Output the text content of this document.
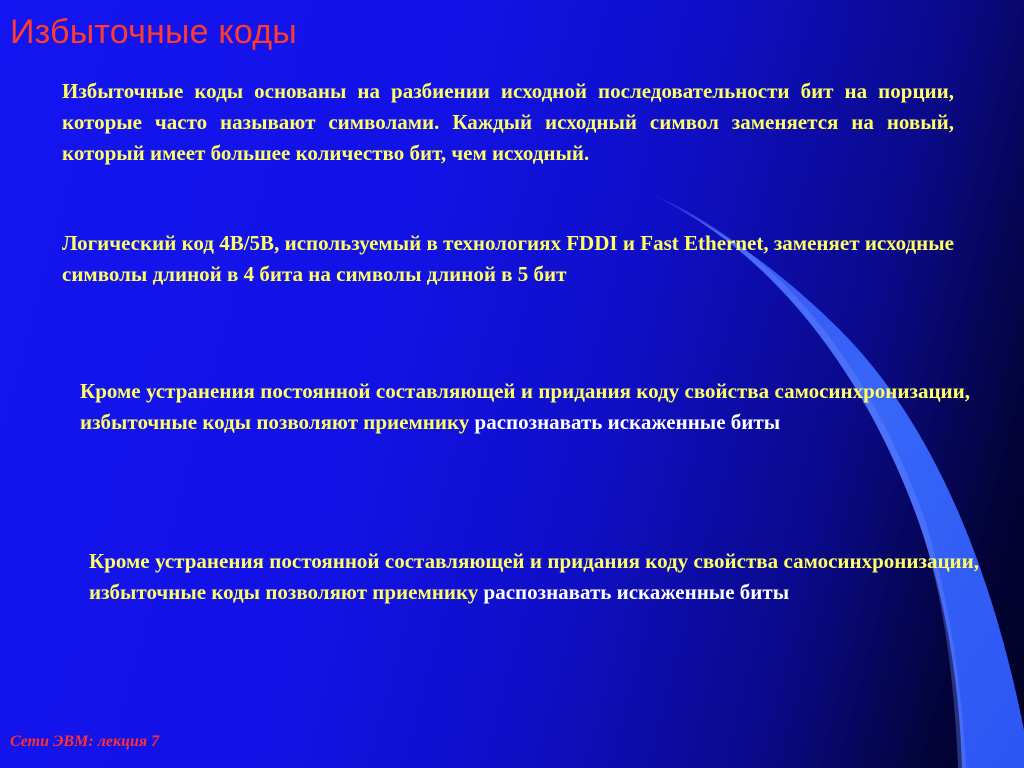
Избыточные коды

Избыточные коды основаны на разбиении исходной последовательности бит на порции, которые часто называют символами. Каждый исходный символ заменяется на новый, который имеет большее количество бит, чем исходный.

Логический код 4В/5В, используемый в технологиях FDDI и Fast Ethernet, заменяет исходные символы длиной в 4 бита на символы длиной в 5 бит

Кроме устранения постоянной составляющей и придания коду свойства самосинхронизации, избыточные коды позволяют приемнику распознавать искаженные биты

Кроме устранения постоянной составляющей и придания коду свойства самосинхронизации, избыточные коды позволяют приемнику распознавать искаженные биты

Сети ЭВМ: лекция 7
